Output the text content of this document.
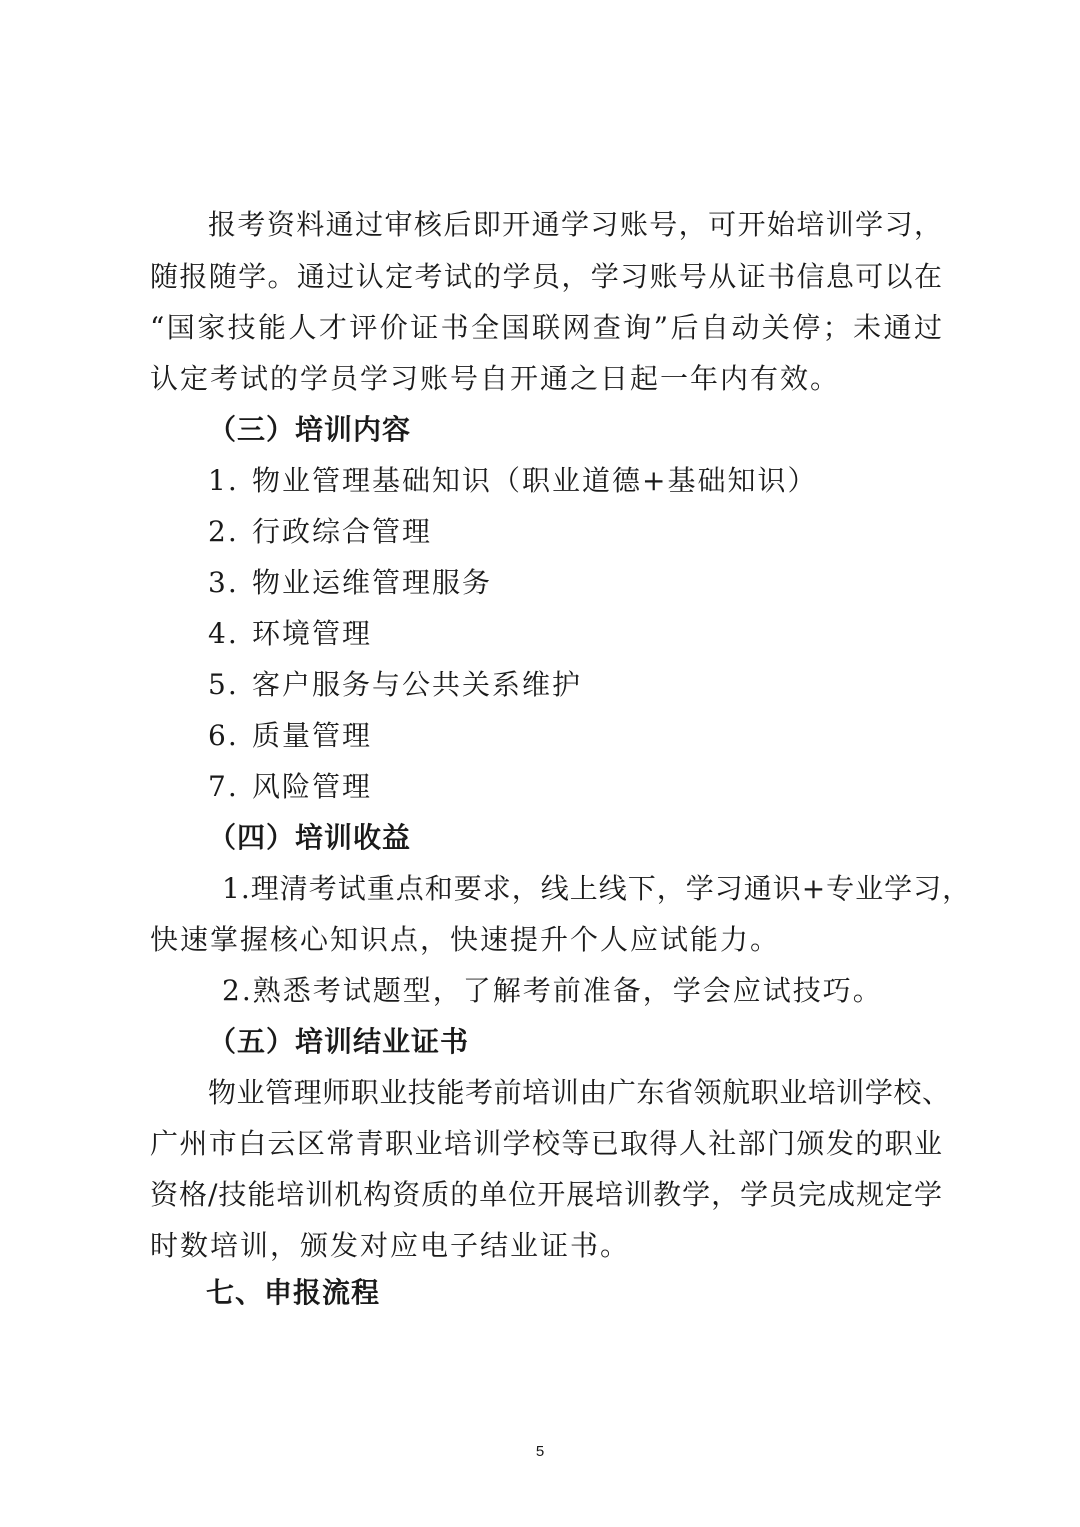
报考资料通过审核后即开通学习账号，可开始培训学习，
随报随学。通过认定考试的学员，学习账号从证书信息可以在
“国家技能人才评价证书全国联网查询”后自动关停；未通过
认定考试的学员学习账号自开通之日起一年内有效。
（三）培训内容
1. 物业管理基础知识（职业道德+基础知识）
2. 行政综合管理
3. 物业运维管理服务
4. 环境管理
5. 客户服务与公共关系维护
6. 质量管理
7. 风险管理
（四）培训收益
1.理清考试重点和要求，线上线下，学习通识+专业学习，
快速掌握核心知识点，快速提升个人应试能力。
2.熟悉考试题型，了解考前准备，学会应试技巧。
（五）培训结业证书
物业管理师职业技能考前培训由广东省领航职业培训学校、
广州市白云区常青职业培训学校等已取得人社部门颁发的职业
资格/技能培训机构资质的单位开展培训教学，学员完成规定学
时数培训，颁发对应电子结业证书。
七、申报流程
5
